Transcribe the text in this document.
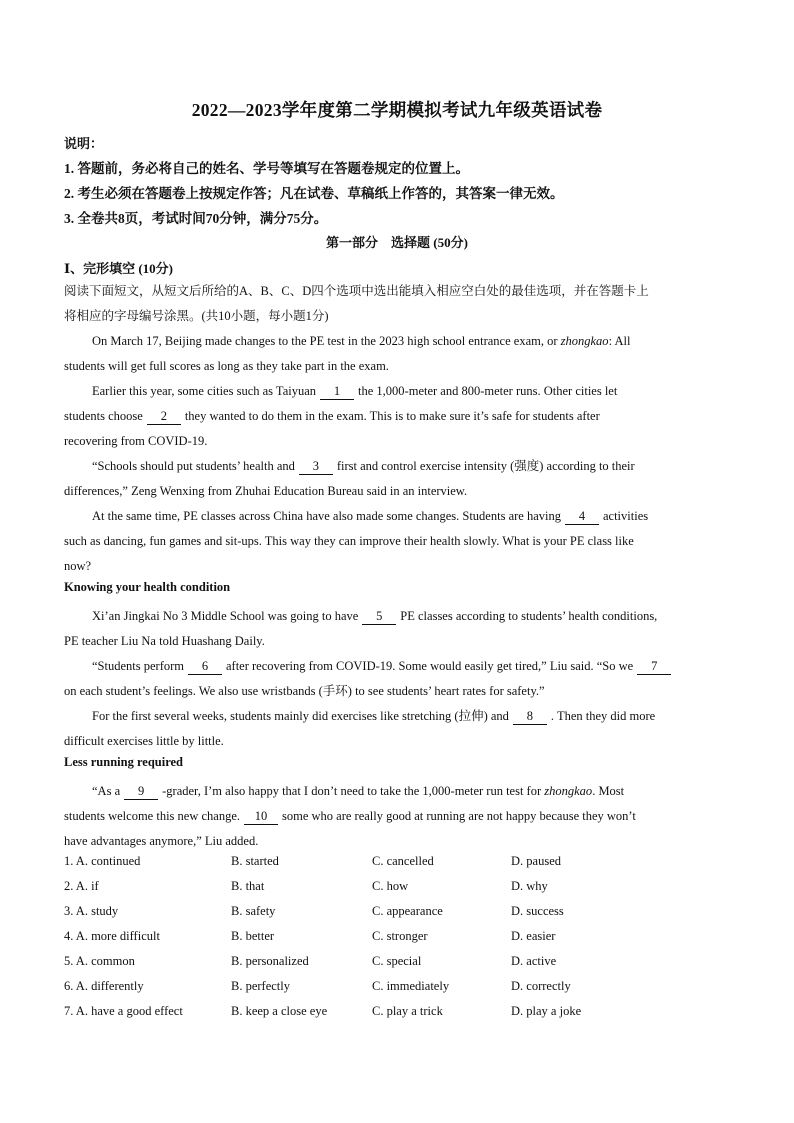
2022—2023学年度第二学期模拟考试九年级英语试卷
说明：
1. 答题前，务必将自己的姓名、学号等填写在答题卷规定的位置上。
2. 考生必须在答题卷上按规定作答；凡在试卷、草稿纸上作答的，其答案一律无效。
3. 全卷共8页，考试时间70分钟，满分75分。
第一部分　选择题 (50分)
Ⅰ、完形填空 (10分)
阅读下面短文，从短文后所给的A、B、C、D四个选项中选出能填入相应空白处的最佳选项，并在答题卡上
将相应的字母编号涂黑。(共10小题，每小题1分)
On March 17, Beijing made changes to the PE test in the 2023 high school entrance exam, or zhongkao: All
students will get full scores as long as they take part in the exam.
Earlier this year, some cities such as Taiyuan 1 the 1,000-meter and 800-meter runs. Other cities let
students choose 2 they wanted to do them in the exam. This is to make sure it’s safe for students after
recovering from COVID-19.
“Schools should put students’ health and 3 first and control exercise intensity (强度) according to their
differences,” Zeng Wenxing from Zhuhai Education Bureau said in an interview.
At the same time, PE classes across China have also made some changes. Students are having 4 activities
such as dancing, fun games and sit-ups. This way they can improve their health slowly. What is your PE class like
now?
Knowing your health condition
Xi’an Jingkai No 3 Middle School was going to have 5 PE classes according to students’ health conditions,
PE teacher Liu Na told Huashang Daily.
“Students perform 6 after recovering from COVID-19. Some would easily get tired,” Liu said. “So we 7
on each student’s feelings. We also use wristbands (手环) to see students’ heart rates for safety.”
For the first several weeks, students mainly did exercises like stretching (拉伸) and 8 . Then they did more
difficult exercises little by little.
Less running required
“As a 9 -grader, I’m also happy that I don’t need to take the 1,000-meter run test for zhongkao. Most
students welcome this new change. 10 some who are really good at running are not happy because they won’t
have advantages anymore,” Liu added.
1. A. continued	B. started	C. cancelled	D. paused
2. A. if	B. that	C. how	D. why
3. A. study	B. safety	C. appearance	D. success
4. A. more difficult	B. better	C. stronger	D. easier
5. A. common	B. personalized	C. special	D. active
6. A. differently	B. perfectly	C. immediately	D. correctly
7. A. have a good effect	B. keep a close eye	C. play a trick	D. play a joke
